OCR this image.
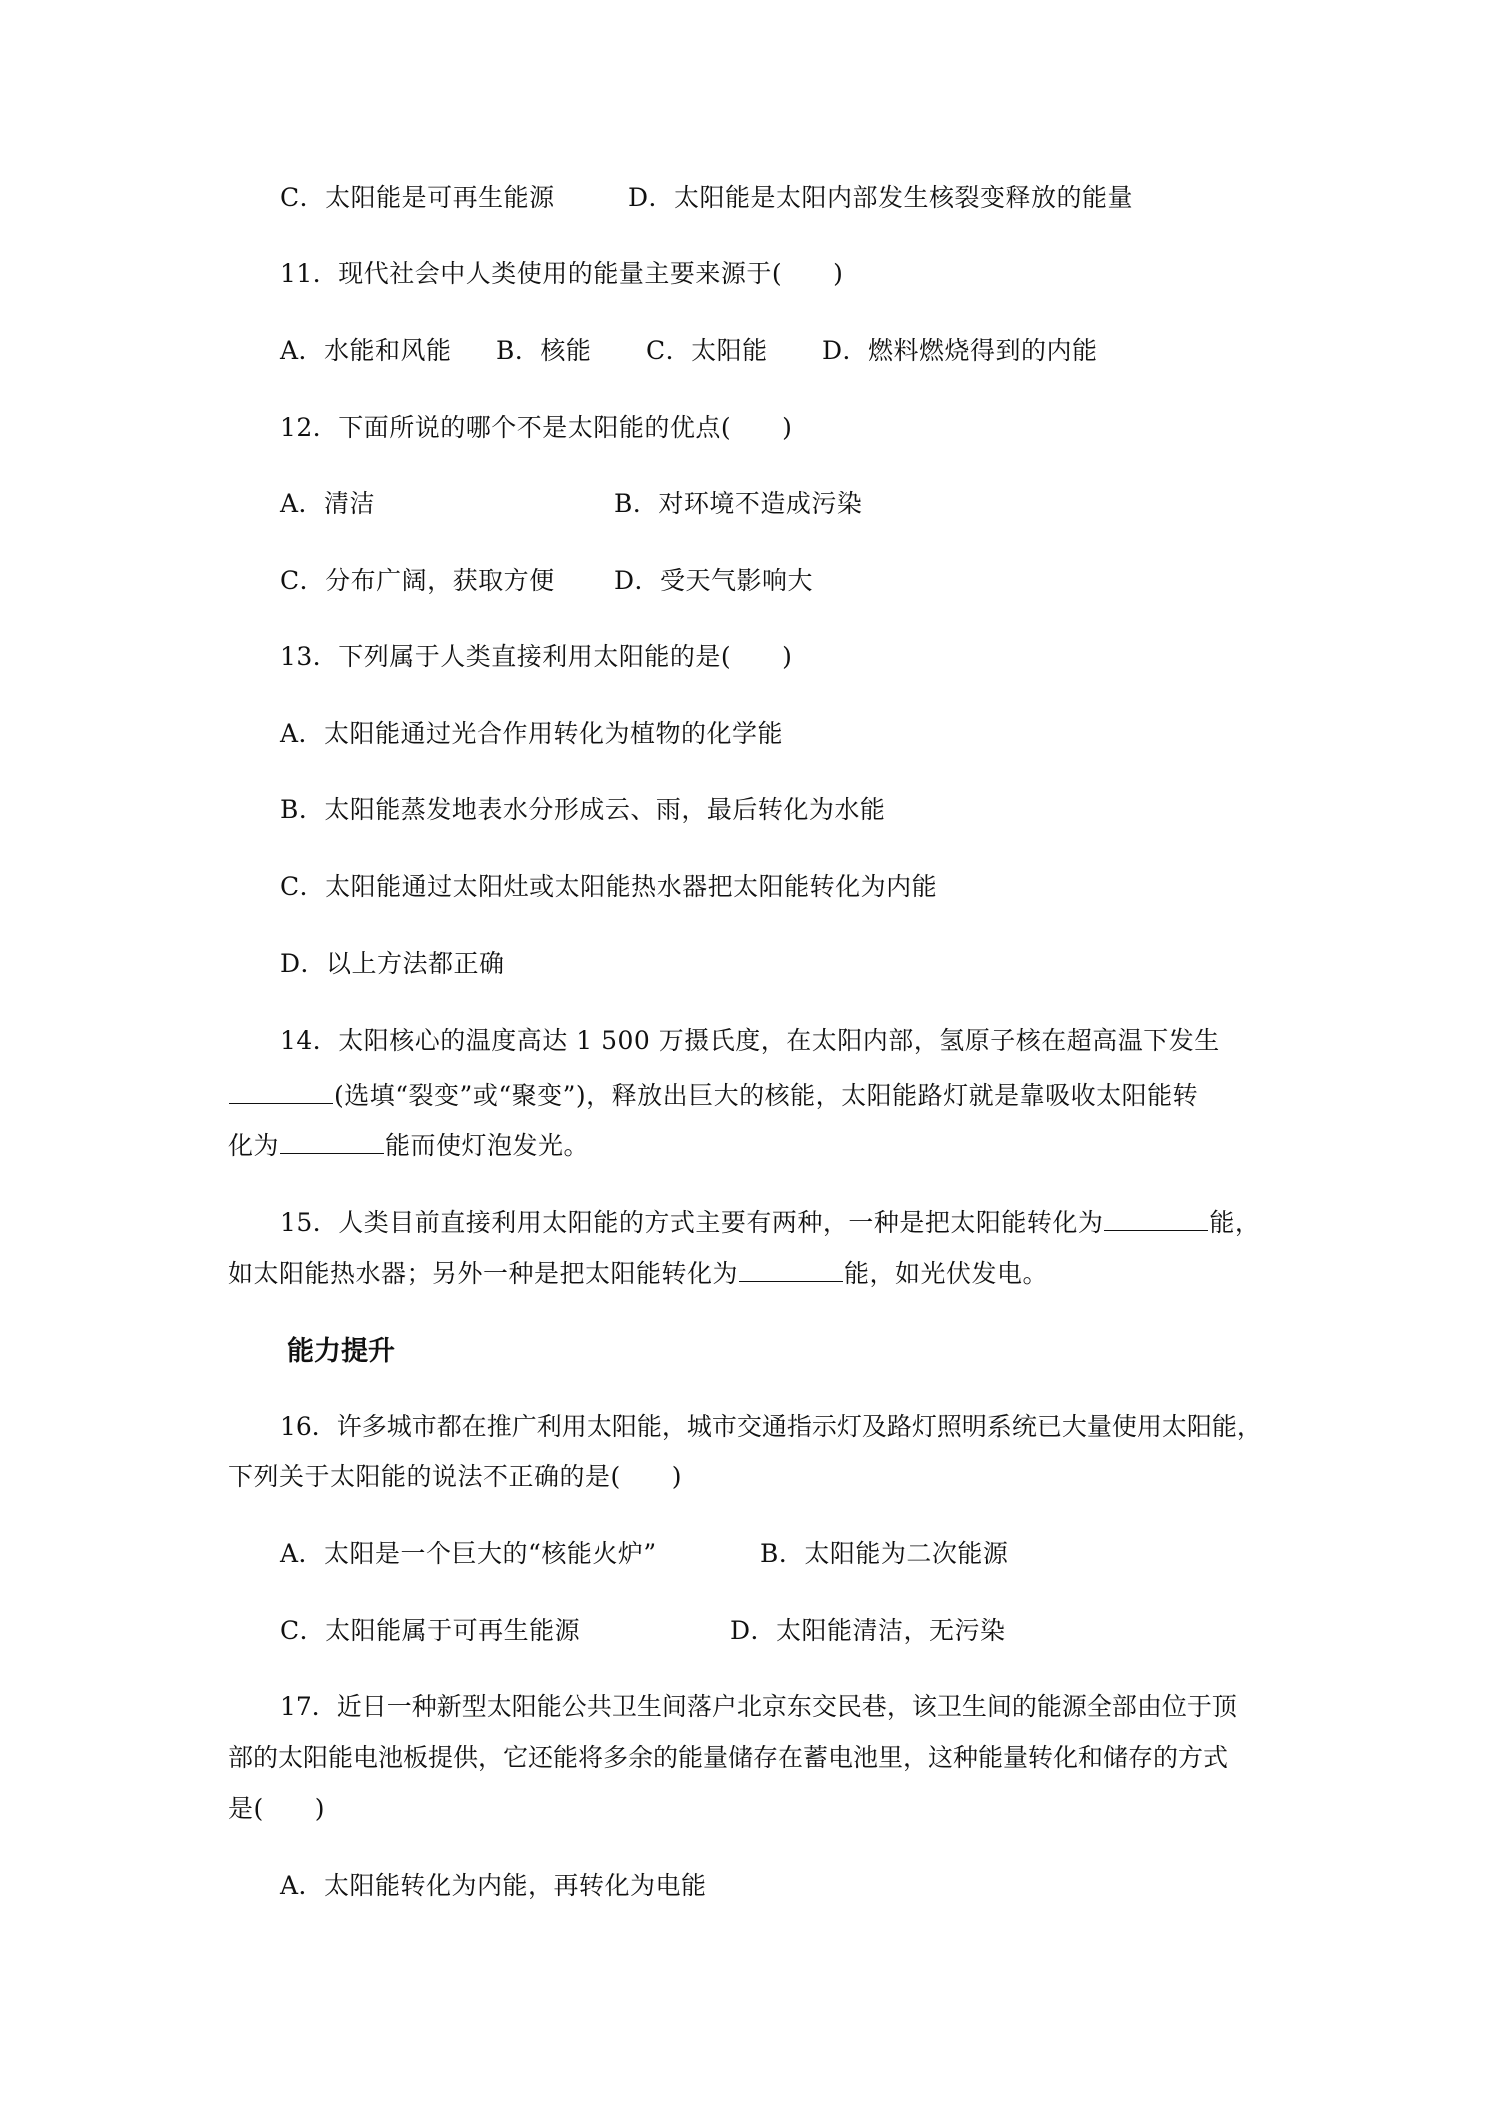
C．太阳能是可再生能源	D．太阳能是太阳内部发生核裂变释放的能量
11．现代社会中人类使用的能量主要来源于(　　)
A．水能和风能 B．核能 C．太阳能 D．燃料燃烧得到的内能
12．下面所说的哪个不是太阳能的优点(　　)
A．清洁	B．对环境不造成污染
C．分布广阔，获取方便 D．受天气影响大
13．下列属于人类直接利用太阳能的是(　　)
A．太阳能通过光合作用转化为植物的化学能
B．太阳能蒸发地表水分形成云、雨，最后转化为水能
C．太阳能通过太阳灶或太阳能热水器把太阳能转化为内能
D．以上方法都正确
14．太阳核心的温度高达 1 500 万摄氏度，在太阳内部，氢原子核在超高温下发生
(选填“裂变”或“聚变”)，释放出巨大的核能，太阳能路灯就是靠吸收太阳能转
化为	能而使灯泡发光。
15．人类目前直接利用太阳能的方式主要有两种，一种是把太阳能转化为	能，
如太阳能热水器；另外一种是把太阳能转化为	能，如光伏发电。
能力提升
16．许多城市都在推广利用太阳能，城市交通指示灯及路灯照明系统已大量使用太阳能，
下列关于太阳能的说法不正确的是(　　)
A．太阳是一个巨大的“核能火炉”	B．太阳能为二次能源
C．太阳能属于可再生能源	D．太阳能清洁，无污染
17．近日一种新型太阳能公共卫生间落户北京东交民巷，该卫生间的能源全部由位于顶
部的太阳能电池板提供，它还能将多余的能量储存在蓄电池里，这种能量转化和储存的方式
是(　　)
A．太阳能转化为内能，再转化为电能
